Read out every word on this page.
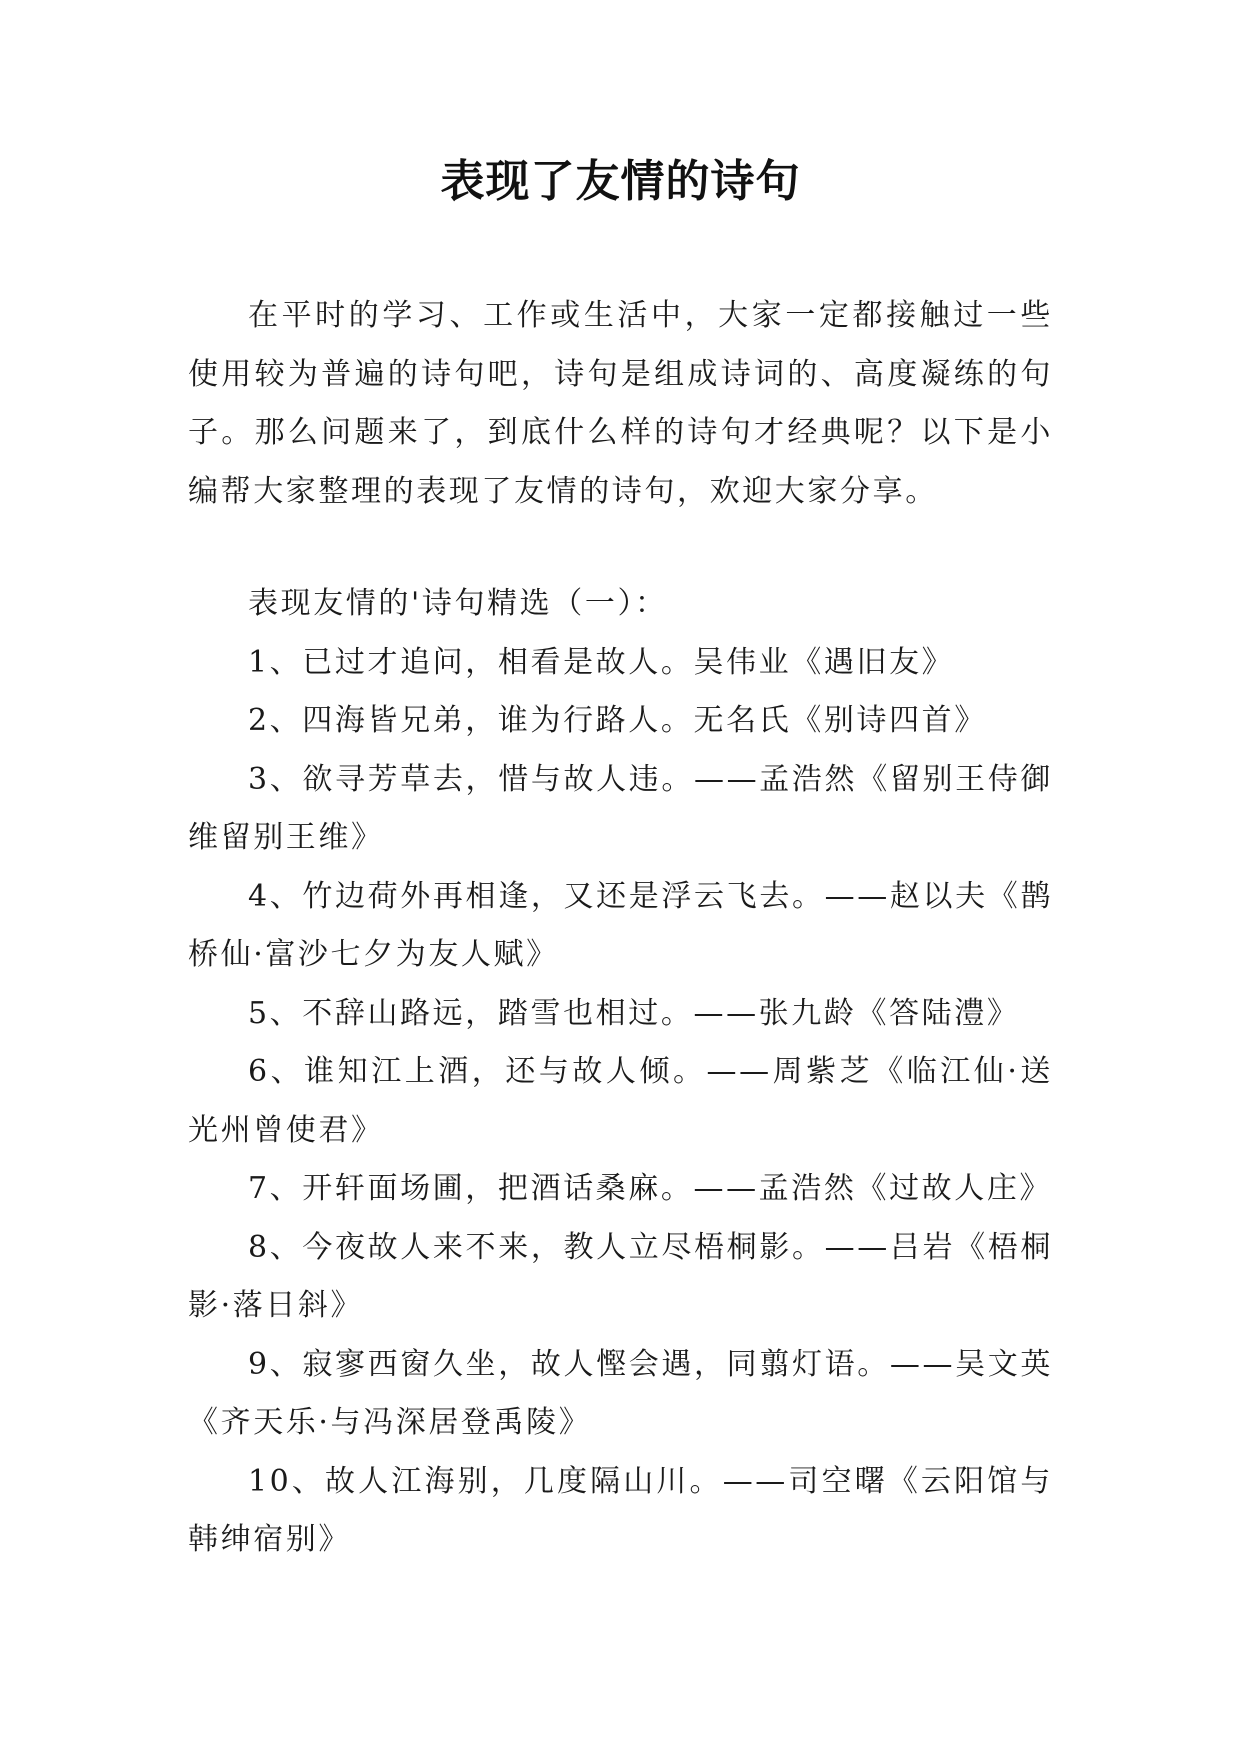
表现了友情的诗句

在平时的学习、工作或生活中，大家一定都接触过一些使用较为普遍的诗句吧，诗句是组成诗词的、高度凝练的句子。那么问题来了，到底什么样的诗句才经典呢？以下是小编帮大家整理的表现了友情的诗句，欢迎大家分享。

表现友情的'诗句精选（一）：

1、已过才追问，相看是故人。吴伟业《遇旧友》

2、四海皆兄弟，谁为行路人。无名氏《别诗四首》

3、欲寻芳草去，惜与故人违。——孟浩然《留别王侍御维留别王维》

4、竹边荷外再相逢，又还是浮云飞去。——赵以夫《鹊桥仙·富沙七夕为友人赋》

5、不辞山路远，踏雪也相过。——张九龄《答陆澧》

6、谁知江上酒，还与故人倾。——周紫芝《临江仙·送光州曾使君》

7、开轩面场圃，把酒话桑麻。——孟浩然《过故人庄》

8、今夜故人来不来，教人立尽梧桐影。——吕岩《梧桐影·落日斜》

9、寂寥西窗久坐，故人慳会遇，同翦灯语。——吴文英《齐天乐·与冯深居登禹陵》

10、故人江海别，几度隔山川。——司空曙《云阳馆与韩绅宿别》
